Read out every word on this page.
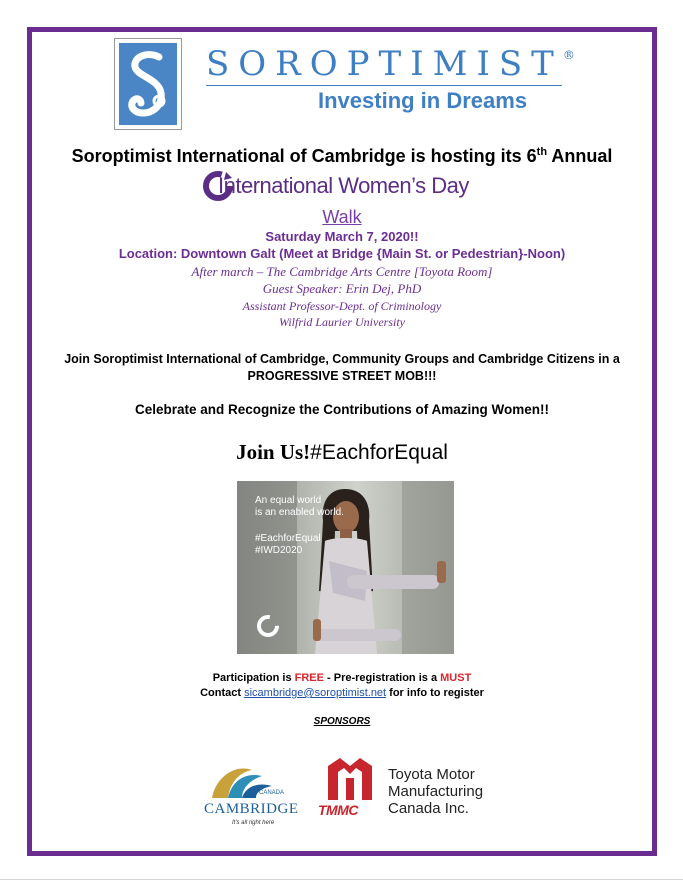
SOROPTIMIST®
Investing in Dreams
Soroptimist International of Cambridge is hosting its 6th Annual
International Women’s Day
Walk
Saturday March 7, 2020!!
Location: Downtown Galt (Meet at Bridge {Main St. or Pedestrian}-Noon)
After march – The Cambridge Arts Centre [Toyota Room]
Guest Speaker: Erin Dej, PhD
Assistant Professor-Dept. of Criminology
Wilfrid Laurier University
Join Soroptimist International of Cambridge, Community Groups and Cambridge Citizens in a
PROGRESSIVE STREET MOB!!!
Celebrate and Recognize the Contributions of Amazing Women!!
Join Us!#EachforEqual
An equal world
is an enabled world.
#EachforEqual
#IWD2020
Participation is FREE - Pre-registration is a MUST
Contact sicambridge@soroptimist.net for info to register
SPONSORS
CANADA
CAMBRIDGE
It's all right here
TMMC
Toyota Motor
Manufacturing
Canada Inc.
